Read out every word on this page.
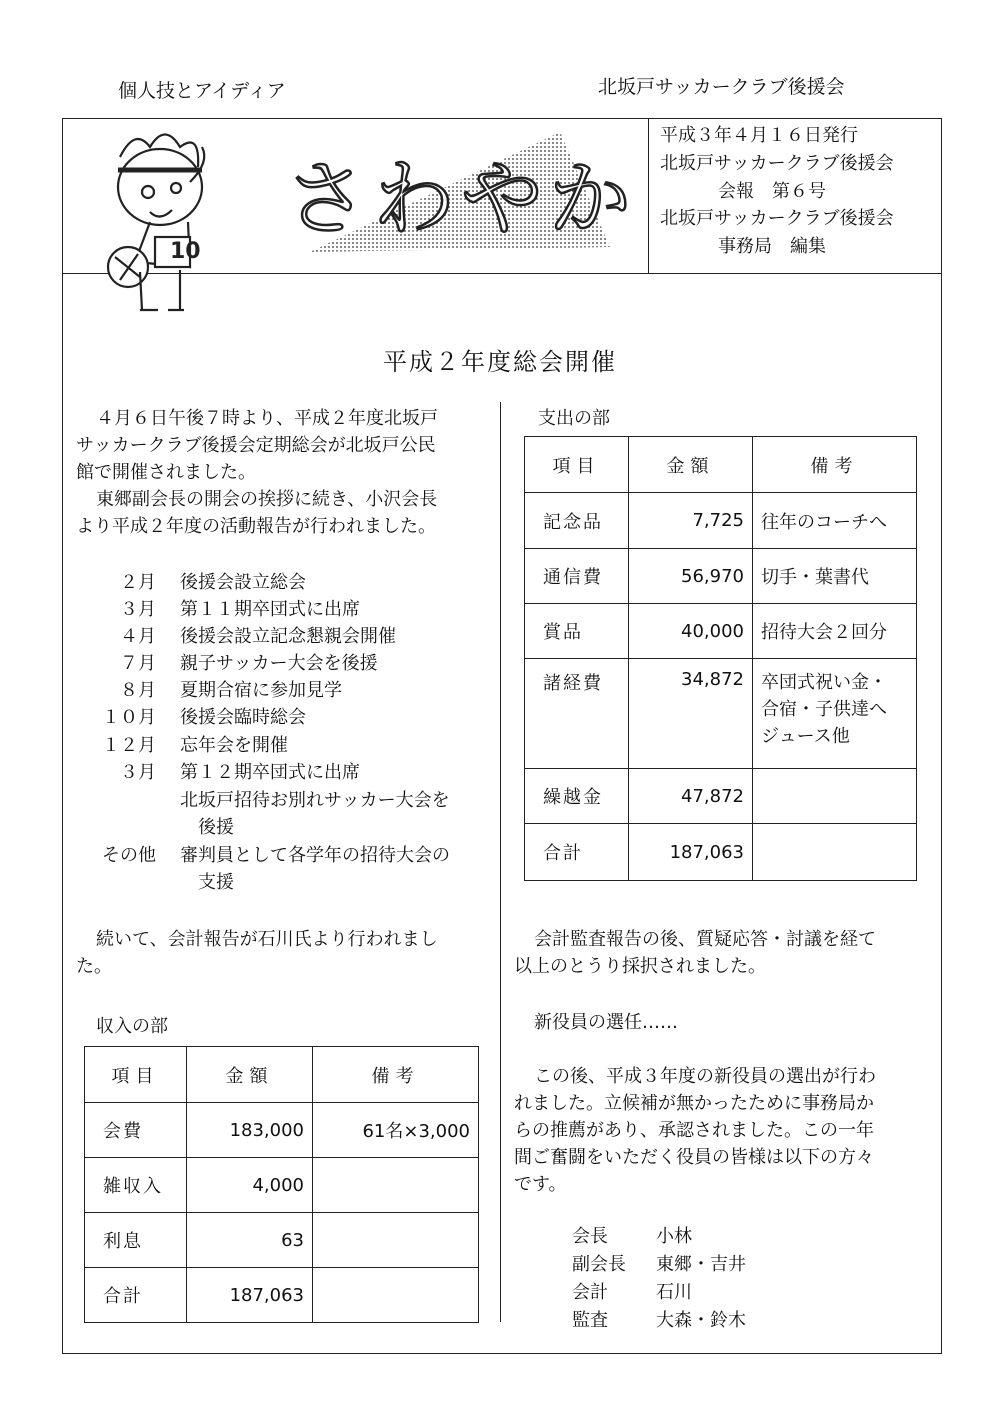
個人技とアイディア	北坂戸サッカークラブ後援会
10
さわやか
平成３年４月１６日発行
北坂戸サッカークラブ後援会
会報　第６号
北坂戸サッカークラブ後援会
事務局　編集
平成２年度総会開催
４月６日午後７時より、平成２年度北坂戸
サッカークラブ後援会定期総会が北坂戸公民
館で開催されました。
東郷副会長の開会の挨拶に続き、小沢会長
より平成２年度の活動報告が行われました。
２月 後援会設立総会
３月 第１１期卒団式に出席
４月 後援会設立記念懇親会開催
７月 親子サッカー大会を後援
８月 夏期合宿に参加見学
１０月 後援会臨時総会
１２月 忘年会を開催
３月 第１２期卒団式に出席
北坂戸招待お別れサッカー大会を
　後援
その他 審判員として各学年の招待大会の
　支援
続いて、会計報告が石川氏より行われまし
た。
収入の部
項目	金額	備考
会費	183,000	61名×3,000
雑収入	4,000	
利息	63	
合計	187,063	
支出の部
項目	金額	備考
記念品	7,725	往年のコーチへ
通信費	56,970	切手・葉書代
賞品	40,000	招待大会２回分
諸経費	34,872	卒団式祝い金・
合宿・子供達へ
ジュース他

繰越金	47,872	
合計	187,063	
会計監査報告の後、質疑応答・討議を経て
以上のとうり採択されました。
新役員の選任……
この後、平成３年度の新役員の選出が行わ
れました。立候補が無かったために事務局か
らの推薦があり、承認されました。この一年
間ご奮闘をいただく役員の皆様は以下の方々
です。
会長	小林
副会長 東郷・吉井
会計	石川
監査	大森・鈴木
